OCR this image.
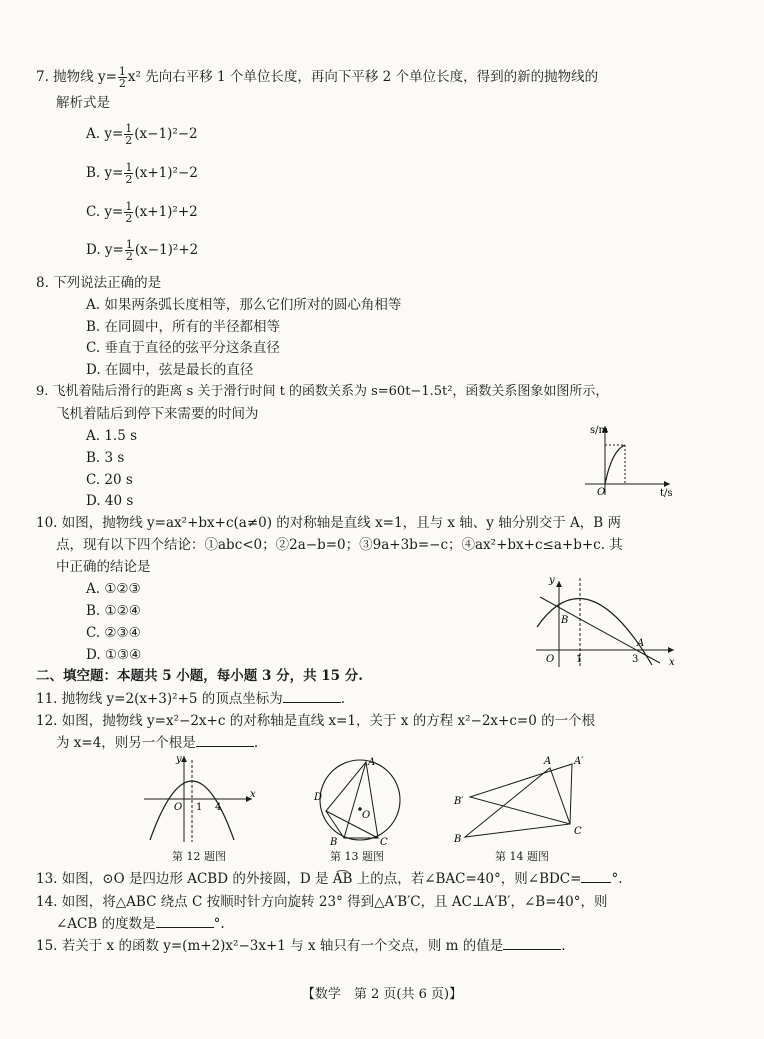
7. 抛物线 $y= \frac{1}{2} x^2$ 先向右平移 1 个单位长度，再向下平移 2 个单位长度，得到的新的抛物线的
解析式是
A. $y= \frac{1}{2} (x-1)^2-2$
B. $y= \frac{1}{2} (x+1)^2-2$
C. $y= \frac{1}{2} (x+1)^2+2$
D. $y= \frac{1}{2} (x-1)^2+2$
8. 下列说法正确的是
A. 如果两条弧长度相等，那么它们所对的圆心角相等
B. 在同圆中，所有的半径都相等
C. 垂直于直径的弦平分这条直径
D. 在圆中，弦是最长的直径
9. 飞机着陆后滑行的距离 s 关于滑行时间 t 的函数关系为 s=60t−1.5t²，函数关系图象如图所示，
飞机着陆后到停下来需要的时间为
A. 1.5 s
B. 3 s
C. 20 s
D. 40 s
s/m
t/s
O
10. 如图，抛物线 y=ax²+bx+c(a≠0) 的对称轴是直线 x=1，且与 x 轴、y 轴分别交于 A，B 两
点，现有以下四个结论：①abc<0；②2a−b=0；③9a+3b=−c；④ax²+bx+c≤a+b+c. 其
中正确的结论是
A. ①②③
B. ①②④
C. ②③④
D. ①③④
y
x
O 1	3
A
B
二、填空题：本题共 5 小题，每小题 3 分，共 15 分.
11. 抛物线 y=2(x+3)²+5 的顶点坐标为	.
12. 如图，抛物线 y=x²−2x+c 的对称轴是直线 x=1，关于 x 的方程 x²−2x+c=0 的一个根
为 x=4，则另一个根是	.
y
x
O 1 4
第 12 题图
A
D
B	C
O
第 13 题图
A A′
B′
B
C
第 14 题图
13. 如图，⊙O 是四边形 ACBD 的外接圆，D 是 A͡B 上的点，若∠BAC=40°，则∠BDC= °.
14. 如图，将△ABC 绕点 C 按顺时针方向旋转 23° 得到△A′B′C，且 AC⊥A′B′，∠B=40°，则
∠ACB 的度数是	°.
15. 若关于 x 的函数 y=(m+2)x²−3x+1 与 x 轴只有一个交点，则 m 的值是	.
【数学　第 2 页(共 6 页)】
